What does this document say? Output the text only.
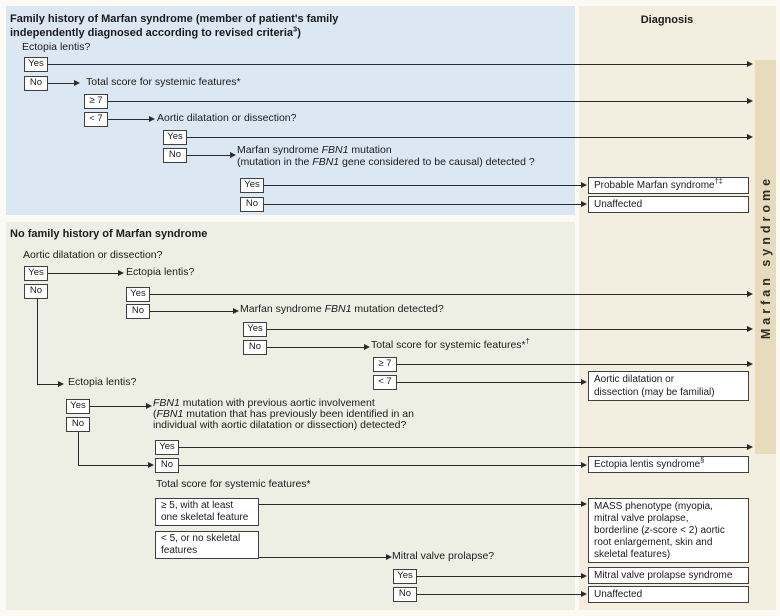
Marfan syndrome
Diagnosis
Family history of Marfan syndrome (member of patient's family
independently diagnosed according to revised criteria$^3$)
Ectopia lentis?
Yes
No	Total score for systemic features*
≥ 7
< 7	Aortic dilatation or dissection?
Yes
No	Marfan syndrome FBN1 mutation
(mutation in the FBN1 gene considered to be causal) detected ?
Yes
No
No family history of Marfan syndrome
Aortic dilatation or dissection?
Yes
No
Ectopia lentis?
Yes
No	Marfan syndrome FBN1 mutation detected?
Yes
No	Total score for systemic features*†
≥ 7
< 7
Ectopia lentis?
Yes
No
FBN1 mutation with previous aortic involvement
(FBN1 mutation that has previously been identified in an
individual with aortic dilatation or dissection) detected?
Yes
No
Total score for systemic features*
≥ 5, with at least
one skeletal feature
< 5, or no skeletal
features	Mitral valve prolapse?
Yes
No
Probable Marfan syndrome†‡
Unaffected
Aortic dilatation or
dissection (may be familial)
Ectopia lentis syndrome§
MASS phenotype (myopia,
mitral valve prolapse,
borderline (z-score < 2) aortic
root enlargement, skin and
skeletal features)
Mitral valve prolapse syndrome
Unaffected
